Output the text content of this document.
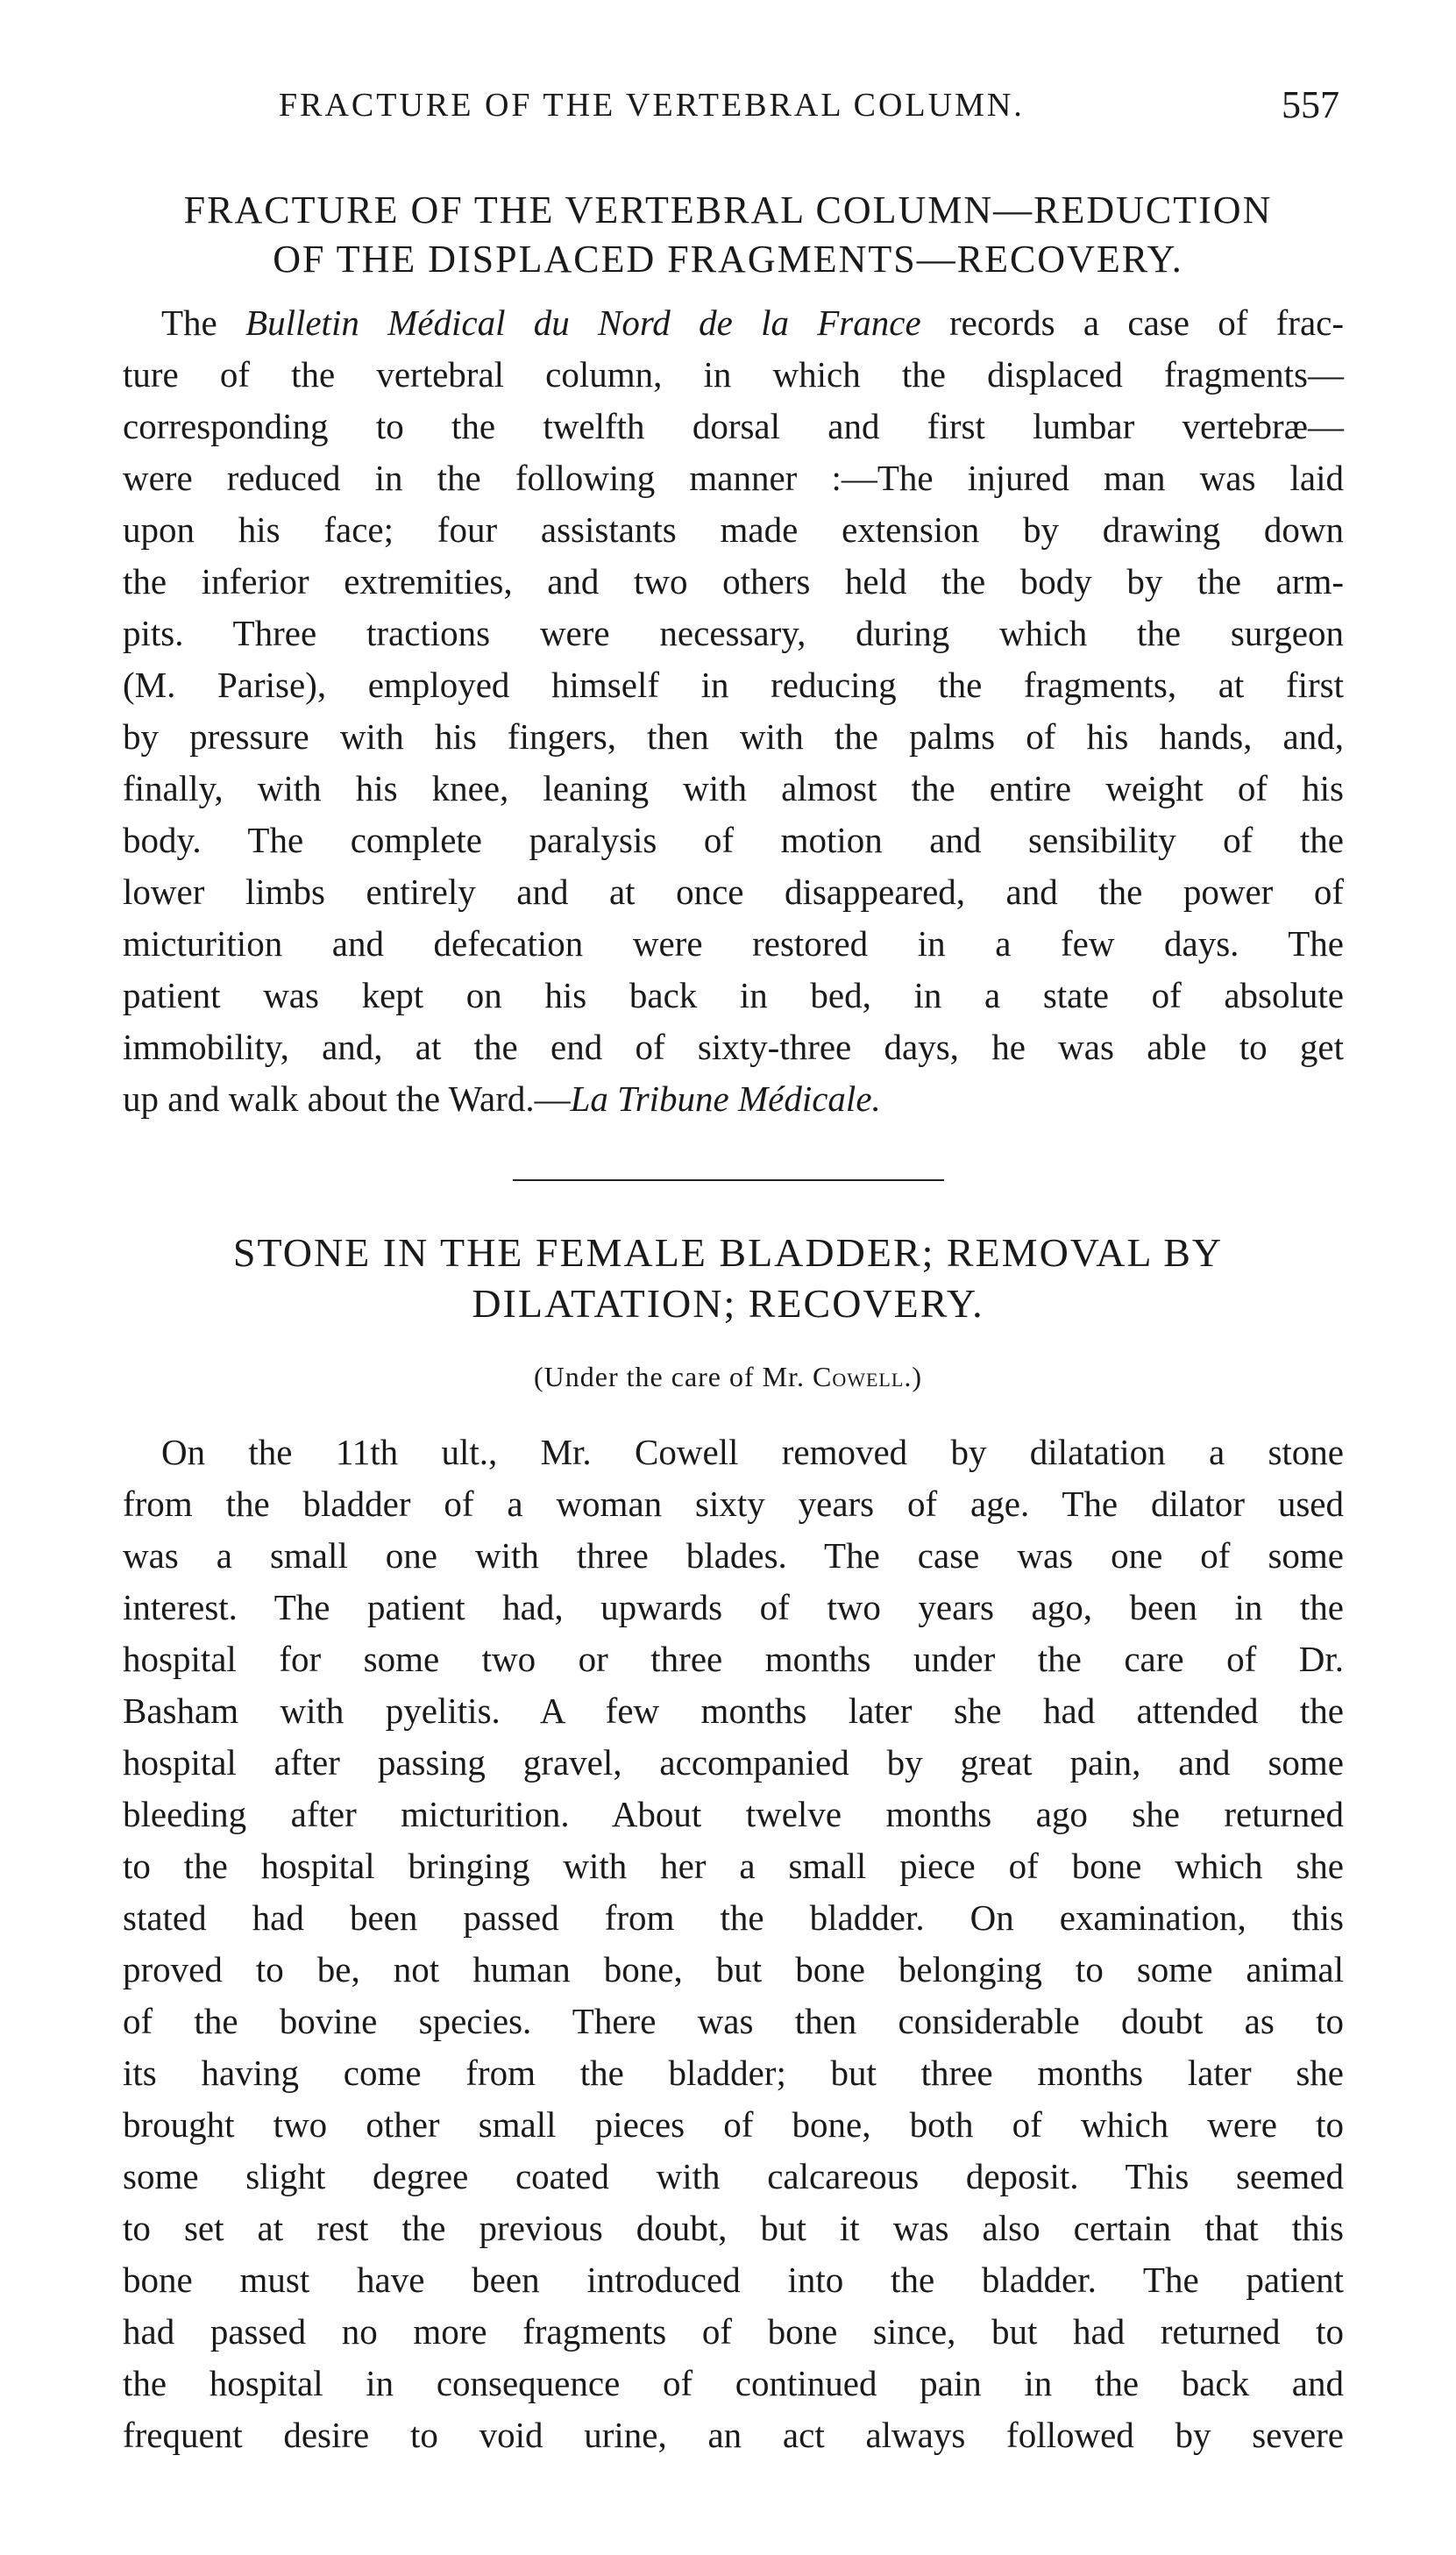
FRACTURE OF THE VERTEBRAL COLUMN.	557
FRACTURE OF THE VERTEBRAL COLUMN—REDUCTION
OF THE DISPLACED FRAGMENTS—RECOVERY.
The Bulletin Médical du Nord de la France records a case of frac-
ture of the vertebral column, in which the displaced fragments—
corresponding to the twelfth dorsal and first lumbar vertebræ—
were reduced in the following manner :—The injured man was laid
upon his face; four assistants made extension by drawing down
the inferior extremities, and two others held the body by the arm-
pits. Three tractions were necessary, during which the surgeon
(M. Parise), employed himself in reducing the fragments, at first
by pressure with his fingers, then with the palms of his hands, and,
finally, with his knee, leaning with almost the entire weight of his
body. The complete paralysis of motion and sensibility of the
lower limbs entirely and at once disappeared, and the power of
micturition and defecation were restored in a few days. The
patient was kept on his back in bed, in a state of absolute
immobility, and, at the end of sixty-three days, he was able to get
up and walk about the Ward.—La Tribune Médicale.
STONE IN THE FEMALE BLADDER; REMOVAL BY
DILATATION; RECOVERY.
(Under the care of Mr. Cowell.)
On the 11th ult., Mr. Cowell removed by dilatation a stone
from the bladder of a woman sixty years of age. The dilator used
was a small one with three blades. The case was one of some
interest. The patient had, upwards of two years ago, been in the
hospital for some two or three months under the care of Dr.
Basham with pyelitis. A few months later she had attended the
hospital after passing gravel, accompanied by great pain, and some
bleeding after micturition. About twelve months ago she returned
to the hospital bringing with her a small piece of bone which she
stated had been passed from the bladder. On examination, this
proved to be, not human bone, but bone belonging to some animal
of the bovine species. There was then considerable doubt as to
its having come from the bladder; but three months later she
brought two other small pieces of bone, both of which were to
some slight degree coated with calcareous deposit. This seemed
to set at rest the previous doubt, but it was also certain that this
bone must have been introduced into the bladder. The patient
had passed no more fragments of bone since, but had returned to
the hospital in consequence of continued pain in the back and
frequent desire to void urine, an act always followed by severe
